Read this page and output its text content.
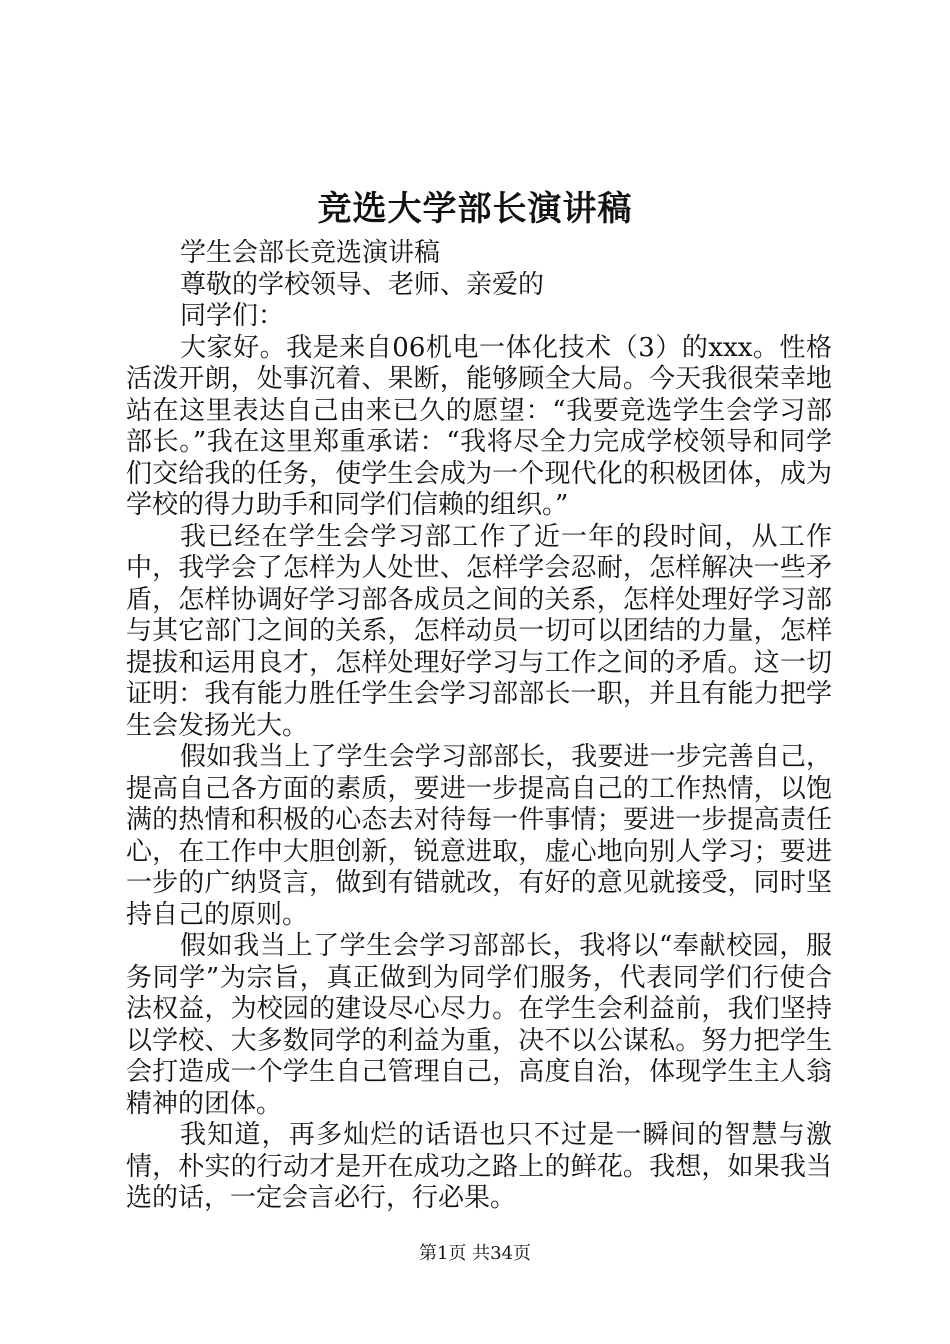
竞选大学部长演讲稿
学生会部长竞选演讲稿
尊敬的学校领导、老师、亲爱的
同学们：

大家好。我是来自06机电一体化技术（3）的xxx。性格活泼开朗，处事沉着、果断，能够顾全大局。今天我很荣幸地站在这里表达自己由来已久的愿望：“我要竞选学生会学习部部长。”我在这里郑重承诺：“我将尽全力完成学校领导和同学们交给我的任务，使学生会成为一个现代化的积极团体，成为学校的得力助手和同学们信赖的组织。”

我已经在学生会学习部工作了近一年的段时间，从工作中，我学会了怎样为人处世、怎样学会忍耐，怎样解决一些矛盾，怎样协调好学习部各成员之间的关系，怎样处理好学习部与其它部门之间的关系，怎样动员一切可以团结的力量，怎样提拔和运用良才，怎样处理好学习与工作之间的矛盾。这一切证明：我有能力胜任学生会学习部部长一职，并且有能力把学生会发扬光大。

假如我当上了学生会学习部部长，我要进一步完善自己，提高自己各方面的素质，要进一步提高自己的工作热情，以饱满的热情和积极的心态去对待每一件事情；要进一步提高责任心，在工作中大胆创新，锐意进取，虚心地向别人学习；要进一步的广纳贤言，做到有错就改，有好的意见就接受，同时坚持自己的原则。

假如我当上了学生会学习部部长，我将以“奉献校园，服务同学”为宗旨，真正做到为同学们服务，代表同学们行使合法权益，为校园的建设尽心尽力。在学生会利益前，我们坚持以学校、大多数同学的利益为重，决不以公谋私。努力把学生会打造成一个学生自己管理自己，高度自治，体现学生主人翁精神的团体。

我知道，再多灿烂的话语也只不过是一瞬间的智慧与激情，朴实的行动才是开在成功之路上的鲜花。我想，如果我当选的话，一定会言必行，行必果。

第1页 共34页
